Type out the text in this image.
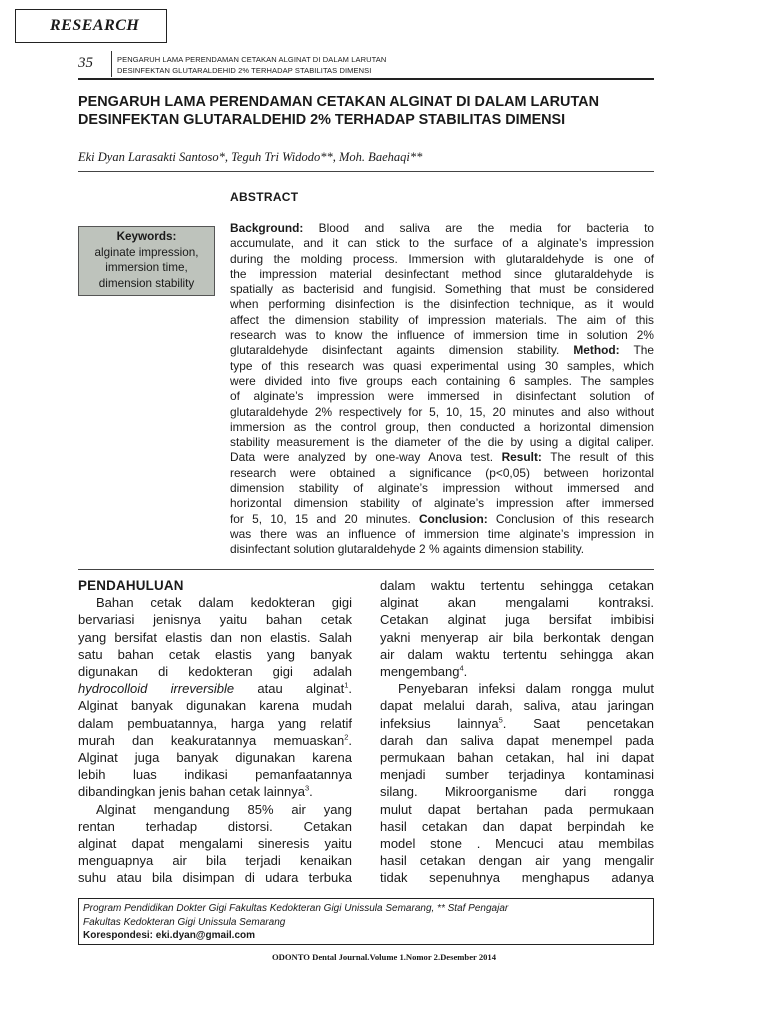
RESEARCH
35	PENGARUH LAMA PERENDAMAN CETAKAN ALGINAT DI DALAM LARUTAN
DESINFEKTAN GLUTARALDEHID 2% TERHADAP STABILITAS DIMENSI
PENGARUH LAMA PERENDAMAN CETAKAN ALGINAT DI DALAM LARUTAN
DESINFEKTAN GLUTARALDEHID 2% TERHADAP STABILITAS DIMENSI
Eki Dyan Larasakti Santoso*, Teguh Tri Widodo**, Moh. Baehaqi**
ABSTRACT
Keywords:
alginate impression,
immersion time,
dimension stability
Background: Blood and saliva are the media for bacteria to
accumulate, and it can stick to the surface of a alginate’s impression
during the molding process. Immersion with glutaraldehyde is one of
the impression material desinfectant method since glutaraldehyde is
spatially as bacterisid and fungisid. Something that must be considered
when performing disinfection is the disinfection technique, as it would
affect the dimension stability of impression materials. The aim of this
research was to know the influence of immersion time in solution 2%
glutaraldehyde disinfectant againts dimension stability. Method: The
type of this research was quasi experimental using 30 samples, which
were divided into five groups each containing 6 samples. The samples
of alginate’s impression were immersed in disinfectant solution of
glutaraldehyde 2% respectively for 5, 10, 15, 20 minutes and also without
immersion as the control group, then conducted a horizontal dimension
stability measurement is the diameter of the die by using a digital caliper.
Data were analyzed by one-way Anova test. Result: The result of this
research were obtained a significance (p<0,05) between horizontal
dimension stability of alginate’s impression without immersed and
horizontal dimension stability of alginate’s impression after immersed
for 5, 10, 15 and 20 minutes. Conclusion: Conclusion of this research
was there was an influence of immersion time alginate’s impression in
disinfectant solution glutaraldehyde 2 % againts dimension stability.
PENDAHULUAN
Bahan cetak dalam kedokteran gigi
bervariasi jenisnya yaitu bahan cetak
yang bersifat elastis dan non elastis. Salah
satu bahan cetak elastis yang banyak
digunakan di kedokteran gigi adalah
hydrocolloid irreversible atau alginat$^1$.
Alginat banyak digunakan karena mudah
dalam pembuatannya, harga yang relatif
murah dan keakuratannya memuaskan$^2$.
Alginat juga banyak digunakan karena
lebih luas indikasi pemanfaatannya
dibandingkan jenis bahan cetak lainnya$^3$.
Alginat mengandung 85% air yang
rentan terhadap distorsi. Cetakan
alginat dapat mengalami sineresis yaitu
menguapnya air bila terjadi kenaikan
suhu atau bila disimpan di udara terbuka
dalam waktu tertentu sehingga cetakan
alginat akan mengalami kontraksi.
Cetakan alginat juga bersifat imbibisi
yakni menyerap air bila berkontak dengan
air dalam waktu tertentu sehingga akan
mengembang$^4$.
Penyebaran infeksi dalam rongga mulut
dapat melalui darah, saliva, atau jaringan
infeksius lainnya$^5$. Saat pencetakan
darah dan saliva dapat menempel pada
permukaan bahan cetakan, hal ini dapat
menjadi sumber terjadinya kontaminasi
silang. Mikroorganisme dari rongga
mulut dapat bertahan pada permukaan
hasil cetakan dan dapat berpindah ke
model stone . Mencuci atau membilas
hasil cetakan dengan air yang mengalir
tidak sepenuhnya menghapus adanya
Program Pendidikan Dokter Gigi Fakultas Kedokteran Gigi Unissula Semarang, ** Staf Pengajar
Fakultas Kedokteran Gigi Unissula Semarang
Korespondesi: eki.dyan@gmail.com
ODONTO Dental Journal.Volume 1.Nomor 2.Desember 2014
